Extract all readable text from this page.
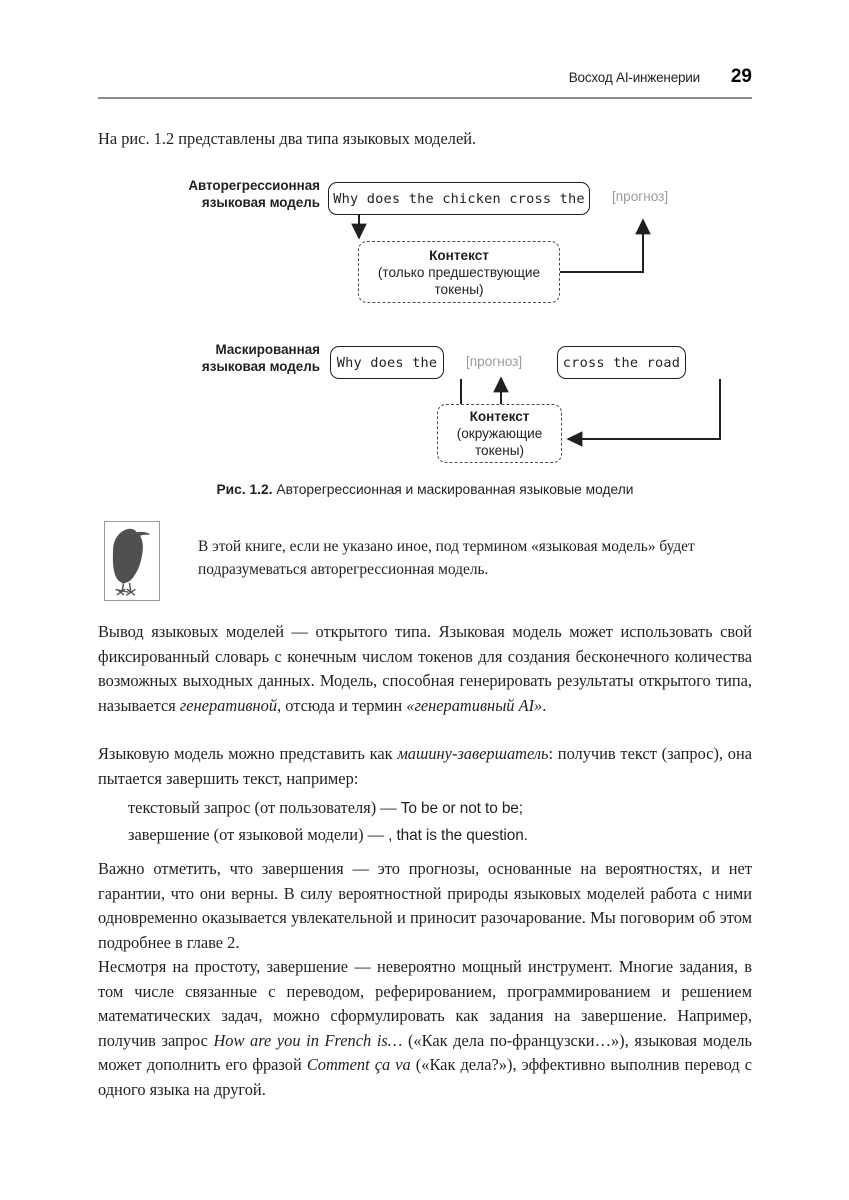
Восход AI-инженерии 29
На рис. 1.2 представлены два типа языковых моделей.
Авторегрессионная
языковая модель Why does the chicken cross the	[прогноз]
Контекст
(только предшествующие
токены)
Маскированная
языковая модель	Why does the	[прогноз]	cross the road
Контекст
(окружающие
токены)
Рис. 1.2. Авторегрессионная и маскированная языковые модели
В этой книге, если не указано иное, под термином «языковая модель» будет подразумеваться авторегрессионная модель.
Вывод языковых моделей — открытого типа. Языковая модель может использовать свой фиксированный словарь с конечным числом токенов для создания бесконечного количества возможных выходных данных. Модель, способная генерировать результаты открытого типа, называется генеративной, отсюда и термин «генеративный AI».
Языковую модель можно представить как машину-завершатель: получив текст (запрос), она пытается завершить текст, например:
текстовый запрос (от пользователя) — To be or not to be;
завершение (от языковой модели) — , that is the question.
Важно отметить, что завершения — это прогнозы, основанные на вероятностях, и нет гарантии, что они верны. В силу вероятностной природы языковых моделей работа с ними одновременно оказывается увлекательной и приносит разочарование. Мы поговорим об этом подробнее в главе 2.
Несмотря на простоту, завершение — невероятно мощный инструмент. Многие задания, в том числе связанные с переводом, реферированием, программированием и решением математических задач, можно сформулировать как задания на завершение. Например, получив запрос How are you in French is… («Как дела по-французски…»), языковая модель может дополнить его фразой Comment ça va («Как дела?»), эффективно выполнив перевод с одного языка на другой.
